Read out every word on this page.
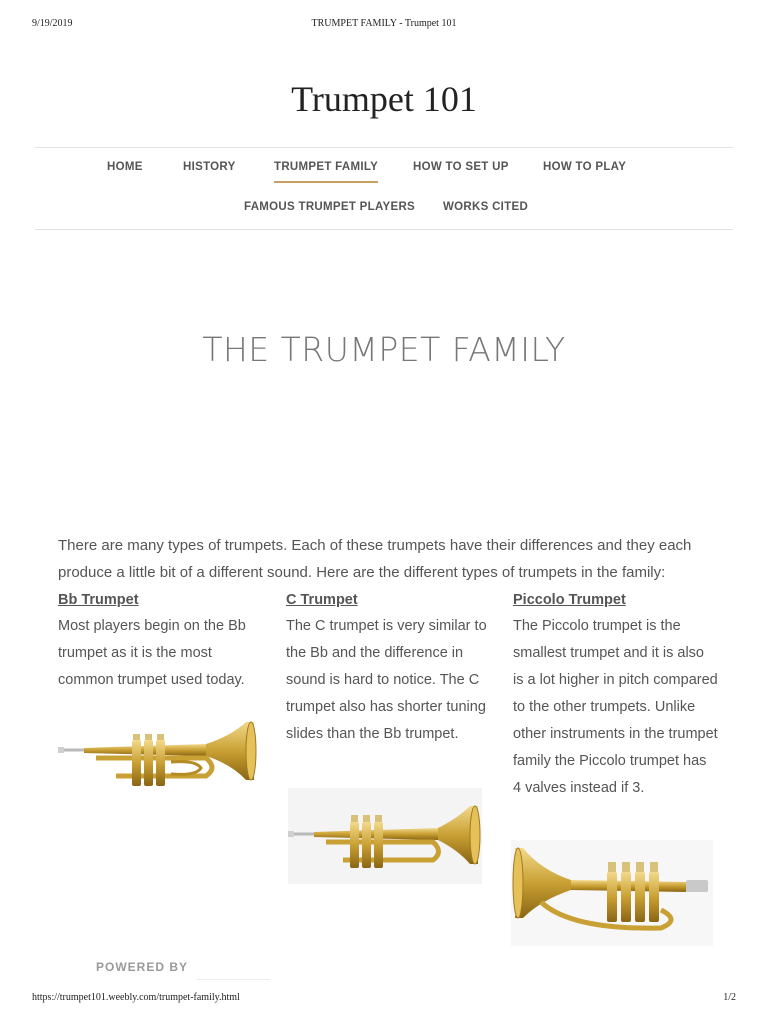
9/19/2019	TRUMPET FAMILY - Trumpet 101
Trumpet 101
HOME	HISTORY	TRUMPET FAMILY	HOW TO SET UP	HOW TO PLAY
FAMOUS TRUMPET PLAYERS WORKS CITED
THE TRUMPET FAMILY

There are many types of trumpets. Each of these trumpets have their differences and they each produce a little bit of a different sound. Here are the different types of trumpets in the family:

Bb Trumpet

Most players begin on the Bb trumpet as it is the most common trumpet used today.

C Trumpet

The C trumpet is very similar to the Bb and the difference in sound is hard to notice. The C trumpet also has shorter tuning slides than the Bb trumpet.

Piccolo Trumpet

The Piccolo trumpet is the smallest trumpet and it is also is a lot higher in pitch compared to the other trumpets. Unlike other instruments in the trumpet family the Piccolo trumpet has 4 valves instead if 3.

POWERED BY
https://trumpet101.weebly.com/trumpet-family.html	1/2
